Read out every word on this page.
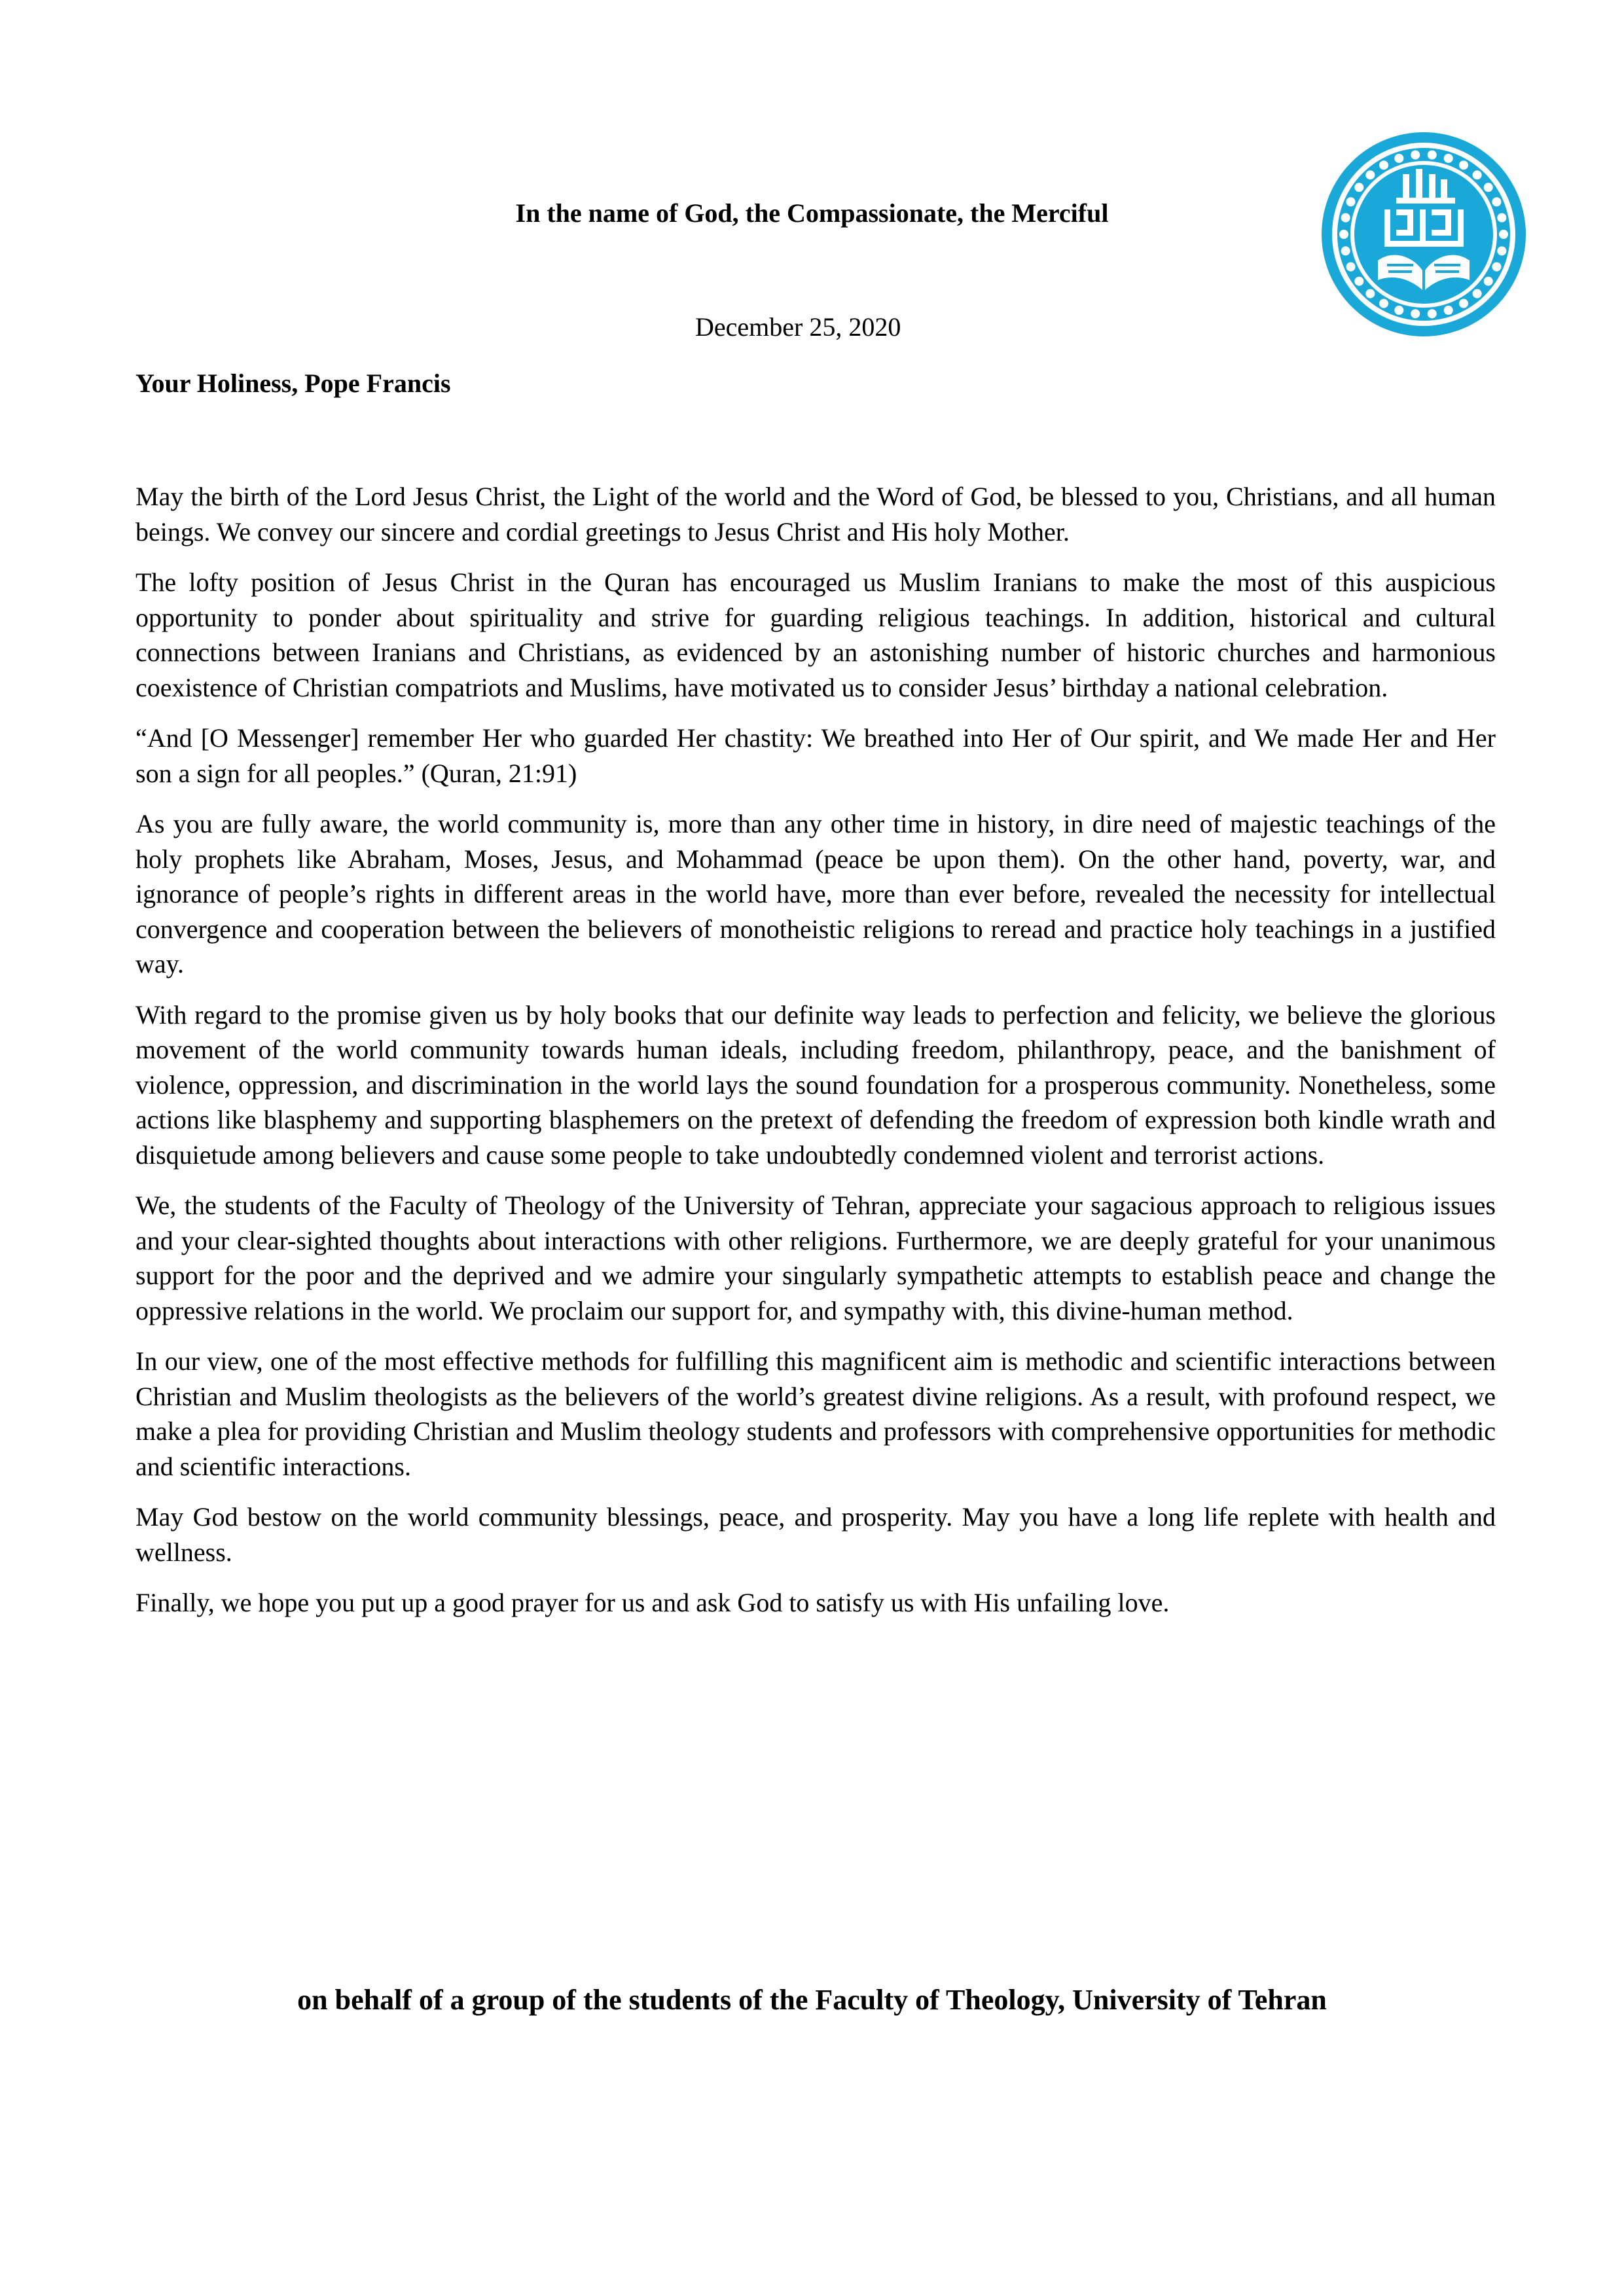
In the name of God, the Compassionate, the Merciful
December 25, 2020
Your Holiness, Pope Francis

May the birth of the Lord Jesus Christ, the Light of the world and the Word of God, be blessed to you, Christians, and all human beings. We convey our sincere and cordial greetings to Jesus Christ and His holy Mother.

The lofty position of Jesus Christ in the Quran has encouraged us Muslim Iranians to make the most of this auspicious opportunity to ponder about spirituality and strive for guarding religious teachings. In addition, historical and cultural connections between Iranians and Christians, as evidenced by an astonishing number of historic churches and harmonious coexistence of Christian compatriots and Muslims, have motivated us to consider Jesus’ birthday a national celebration.

“And [O Messenger] remember Her who guarded Her chastity: We breathed into Her of Our spirit, and We made Her and Her son a sign for all peoples.” (Quran, 21:91)

As you are fully aware, the world community is, more than any other time in history, in dire need of majestic teachings of the holy prophets like Abraham, Moses, Jesus, and Mohammad (peace be upon them). On the other hand, poverty, war, and ignorance of people’s rights in different areas in the world have, more than ever before, revealed the necessity for intellectual convergence and cooperation between the believers of monotheistic religions to reread and practice holy teachings in a justified way.

With regard to the promise given us by holy books that our definite way leads to perfection and felicity, we believe the glorious movement of the world community towards human ideals, including freedom, philanthropy, peace, and the banishment of violence, oppression, and discrimination in the world lays the sound foundation for a prosperous community. Nonetheless, some actions like blasphemy and supporting blasphemers on the pretext of defending the freedom of expression both kindle wrath and disquietude among believers and cause some people to take undoubtedly condemned violent and terrorist actions.

We, the students of the Faculty of Theology of the University of Tehran, appreciate your sagacious approach to religious issues and your clear-sighted thoughts about interactions with other religions. Furthermore, we are deeply grateful for your unanimous support for the poor and the deprived and we admire your singularly sympathetic attempts to establish peace and change the oppressive relations in the world. We proclaim our support for, and sympathy with, this divine-human method.

In our view, one of the most effective methods for fulfilling this magnificent aim is methodic and scientific interactions between Christian and Muslim theologists as the believers of the world’s greatest divine religions. As a result, with profound respect, we make a plea for providing Christian and Muslim theology students and professors with comprehensive opportunities for methodic and scientific interactions.

May God bestow on the world community blessings, peace, and prosperity. May you have a long life replete with health and wellness.

Finally, we hope you put up a good prayer for us and ask God to satisfy us with His unfailing love.

on behalf of a group of the students of the Faculty of Theology, University of Tehran
